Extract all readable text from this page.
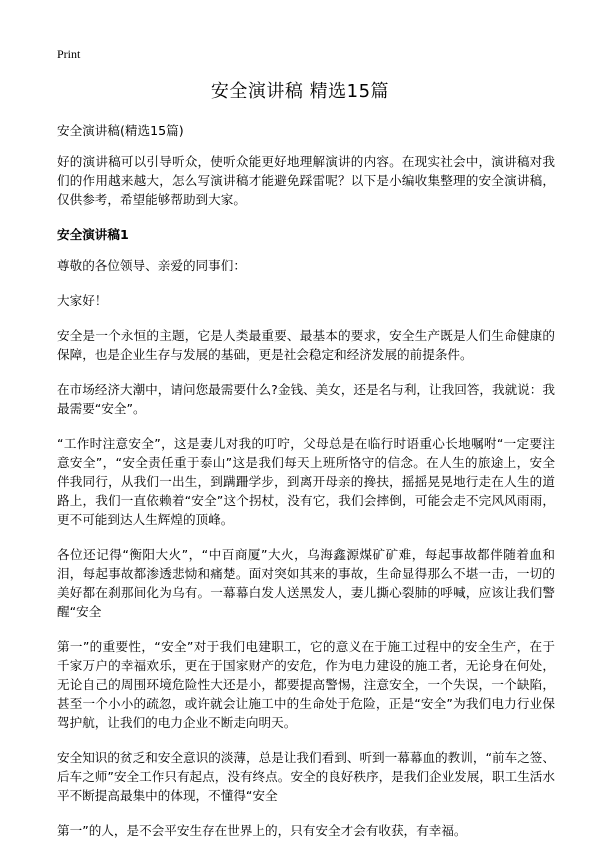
Print
安全演讲稿 精选15篇

安全演讲稿(精选15篇)

好的演讲稿可以引导听众，使听众能更好地理解演讲的内容。在现实社会中，演讲稿对我们的作用越来越大，怎么写演讲稿才能避免踩雷呢？以下是小编收集整理的安全演讲稿，仅供参考，希望能够帮助到大家。

安全演讲稿1

尊敬的各位领导、亲爱的同事们：

大家好！

安全是一个永恒的主题，它是人类最重要、最基本的要求，安全生产既是人们生命健康的保障，也是企业生存与发展的基础，更是社会稳定和经济发展的前提条件。

在市场经济大潮中，请问您最需要什么?金钱、美女，还是名与利，让我回答，我就说：我最需要“安全”。

“工作时注意安全”，这是妻儿对我的叮咛，父母总是在临行时语重心长地嘱咐“一定要注意安全”，“安全责任重于泰山”这是我们每天上班所恪守的信念。在人生的旅途上，安全伴我同行，从我们一出生，到蹒跚学步，到离开母亲的搀扶，摇摇晃晃地行走在人生的道路上，我们一直依赖着“安全”这个拐杖，没有它，我们会摔倒，可能会走不完风风雨雨，更不可能到达人生辉煌的顶峰。

各位还记得“衡阳大火”，“中百商厦”大火，乌海鑫源煤矿矿难，每起事故都伴随着血和泪，每起事故都渗透悲恸和痛楚。面对突如其来的事故，生命显得那么不堪一击，一切的美好都在刹那间化为乌有。一幕幕白发人送黑发人，妻儿撕心裂肺的呼喊，应该让我们警醒“安全

第一”的重要性，“安全”对于我们电建职工，它的意义在于施工过程中的安全生产，在于千家万户的幸福欢乐，更在于国家财产的安危，作为电力建设的施工者，无论身在何处，无论自己的周围环境危险性大还是小，都要提高警惕，注意安全，一个失误，一个缺陷，甚至一个小小的疏忽，或许就会让施工中的生命处于危险，正是“安全”为我们电力行业保驾护航，让我们的电力企业不断走向明天。

安全知识的贫乏和安全意识的淡薄，总是让我们看到、听到一幕幕血的教训，“前车之签、后车之师”安全工作只有起点，没有终点。安全的良好秩序，是我们企业发展，职工生活水平不断提高最集中的体现，不懂得“安全

第一”的人，是不会平安生存在世界上的，只有安全才会有收获，有幸福。
